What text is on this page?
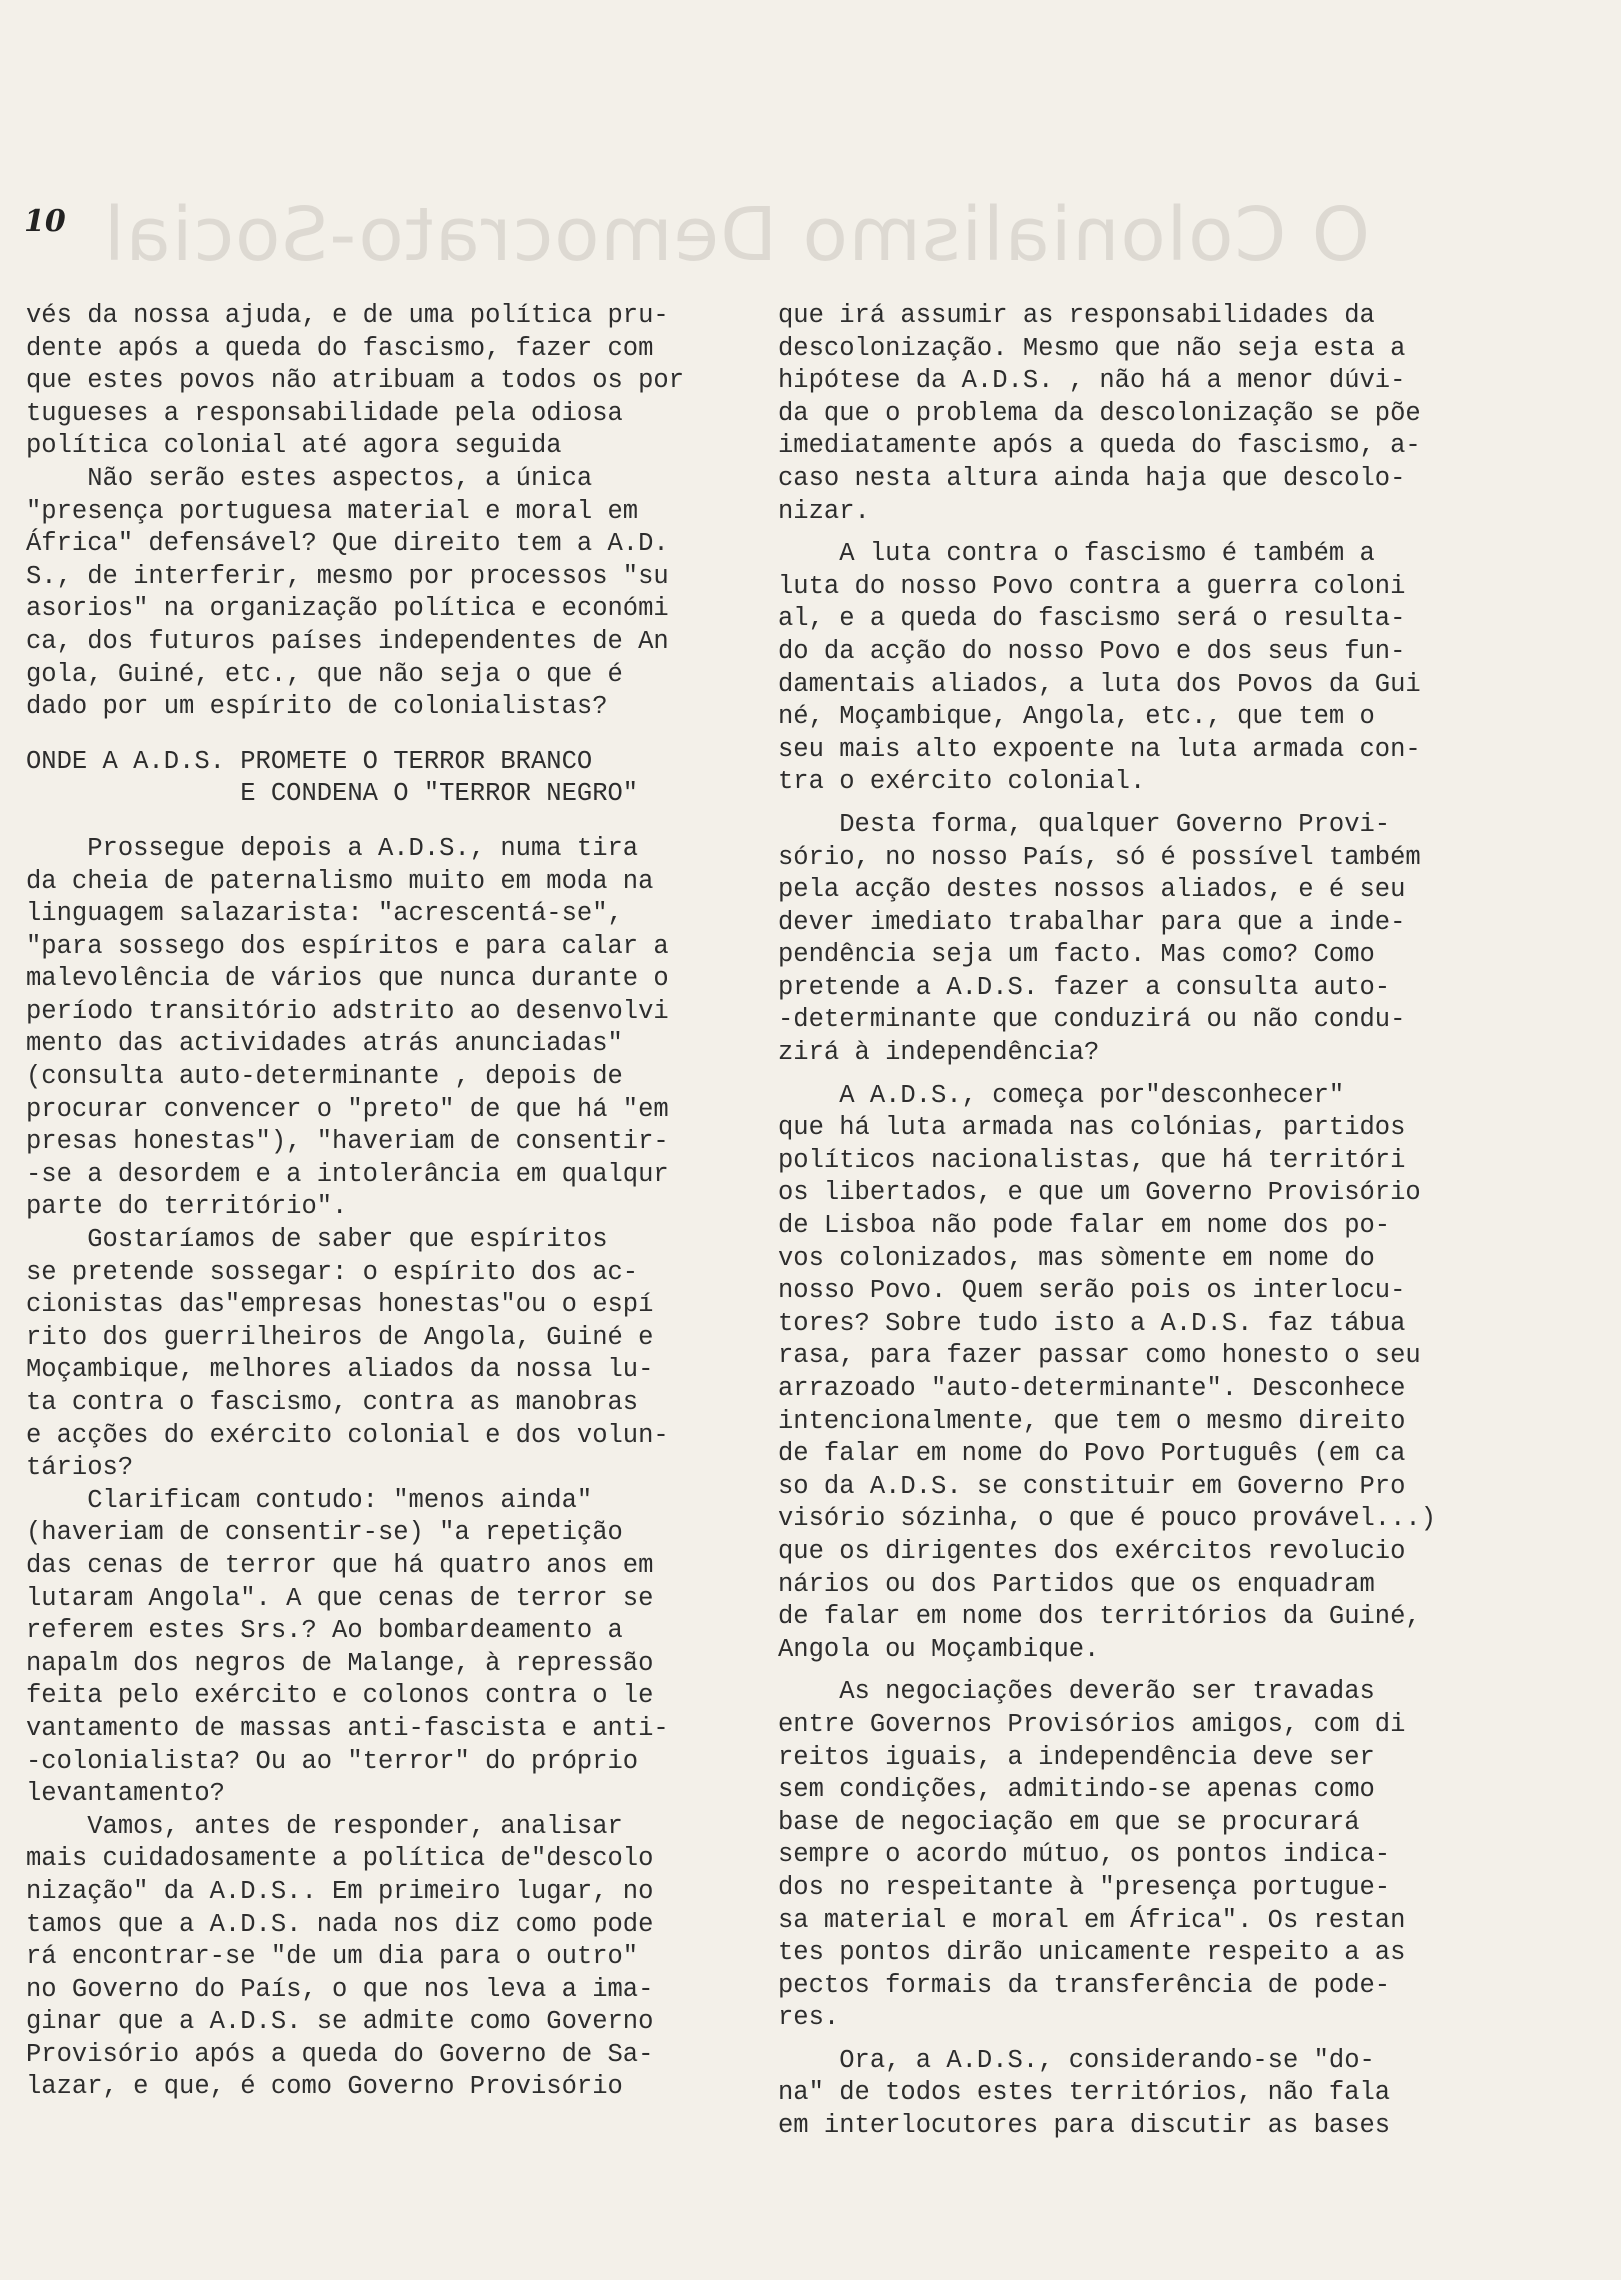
10 O Colonialismo Democrato-Social
vés da nossa ajuda, e de uma política pru-
dente após a queda do fascismo, fazer com
que estes povos não atribuam a todos os por
tugueses a responsabilidade pela odiosa
política colonial até agora seguida
Não serão estes aspectos, a única
"presença portuguesa material e moral em
África" defensável? Que direito tem a A.D.
S., de interferir, mesmo por processos "su
asorios" na organização política e económi
ca, dos futuros países independentes de An
gola, Guiné, etc., que não seja o que é
dado por um espírito de colonialistas?
ONDE A A.D.S. PROMETE O TERROR BRANCO
E CONDENA O "TERROR NEGRO"
Prossegue depois a A.D.S., numa tira
da cheia de paternalismo muito em moda na
linguagem salazarista: "acrescentá-se",
"para sossego dos espíritos e para calar a
malevolência de vários que nunca durante o
período transitório adstrito ao desenvolvi
mento das actividades atrás anunciadas"
(consulta auto-determinante , depois de
procurar convencer o "preto" de que há "em
presas honestas"), "haveriam de consentir-
-se a desordem e a intolerância em qualqur
parte do território".
Gostaríamos de saber que espíritos
se pretende sossegar: o espírito dos ac-
cionistas das"empresas honestas"ou o espí
rito dos guerrilheiros de Angola, Guiné e
Moçambique, melhores aliados da nossa lu-
ta contra o fascismo, contra as manobras
e acções do exército colonial e dos volun-
tários?
Clarificam contudo: "menos ainda"
(haveriam de consentir-se) "a repetição
das cenas de terror que há quatro anos em
lutaram Angola". A que cenas de terror se
referem estes Srs.? Ao bombardeamento a
napalm dos negros de Malange, à repressão
feita pelo exército e colonos contra o le
vantamento de massas anti-fascista e anti-
-colonialista? Ou ao "terror" do próprio
levantamento?
Vamos, antes de responder, analisar
mais cuidadosamente a política de"descolo
nização" da A.D.S.. Em primeiro lugar, no
tamos que a A.D.S. nada nos diz como pode
rá encontrar-se "de um dia para o outro"
no Governo do País, o que nos leva a ima-
ginar que a A.D.S. se admite como Governo
Provisório após a queda do Governo de Sa-
lazar, e que, é como Governo Provisório
que irá assumir as responsabilidades da
descolonização. Mesmo que não seja esta a
hipótese da A.D.S. , não há a menor dúvi-
da que o problema da descolonização se põe
imediatamente após a queda do fascismo, a-
caso nesta altura ainda haja que descolo-
nizar.
A luta contra o fascismo é também a
luta do nosso Povo contra a guerra coloni
al, e a queda do fascismo será o resulta-
do da acção do nosso Povo e dos seus fun-
damentais aliados, a luta dos Povos da Gui
né, Moçambique, Angola, etc., que tem o
seu mais alto expoente na luta armada con-
tra o exército colonial.
Desta forma, qualquer Governo Provi-
sório, no nosso País, só é possível também
pela acção destes nossos aliados, e é seu
dever imediato trabalhar para que a inde-
pendência seja um facto. Mas como? Como
pretende a A.D.S. fazer a consulta auto-
-determinante que conduzirá ou não condu-
zirá à independência?
A A.D.S., começa por"desconhecer"
que há luta armada nas colónias, partidos
políticos nacionalistas, que há territóri
os libertados, e que um Governo Provisório
de Lisboa não pode falar em nome dos po-
vos colonizados, mas sòmente em nome do
nosso Povo. Quem serão pois os interlocu-
tores? Sobre tudo isto a A.D.S. faz tábua
rasa, para fazer passar como honesto o seu
arrazoado "auto-determinante". Desconhece
intencionalmente, que tem o mesmo direito
de falar em nome do Povo Português (em ca
so da A.D.S. se constituir em Governo Pro
visório sózinha, o que é pouco provável...)
que os dirigentes dos exércitos revolucio
nários ou dos Partidos que os enquadram
de falar em nome dos territórios da Guiné,
Angola ou Moçambique.
As negociações deverão ser travadas
entre Governos Provisórios amigos, com di
reitos iguais, a independência deve ser
sem condições, admitindo-se apenas como
base de negociação em que se procurará
sempre o acordo mútuo, os pontos indica-
dos no respeitante à "presença portugue-
sa material e moral em África". Os restan
tes pontos dirão unicamente respeito a as
pectos formais da transferência de pode-
res.
Ora, a A.D.S., considerando-se "do-
na" de todos estes territórios, não fala
em interlocutores para discutir as bases
